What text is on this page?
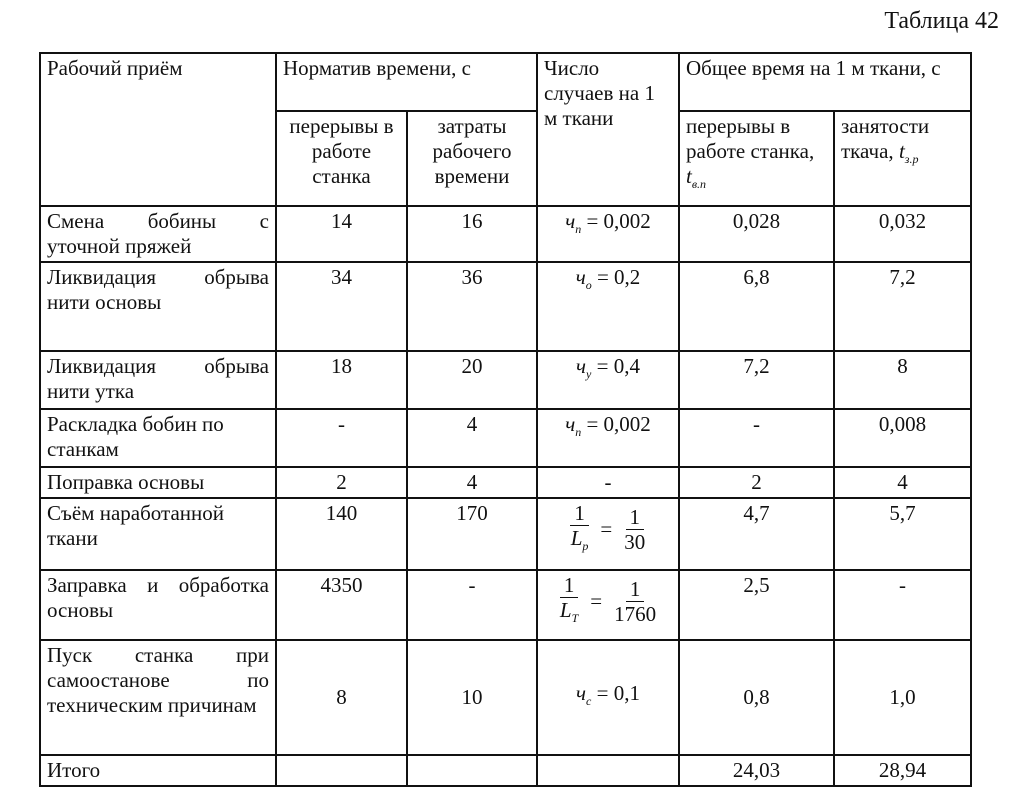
Таблица 42
Рабочий приём	Норматив времени, с		Число случаев на 1 м ткани	Общее время на 1 м ткани, с	
	перерывы в работе станка	затраты рабочего времени		перерывы в работе станка, $t_{в.п}$	занятости ткача, $t_{з.р}$
Смена бобины с уточной пряжей	14	16	$ч_п = 0,002$	0,028	0,032
Ликвидация обрыва нити основы	34	36	$ч_о = 0,2$	6,8	7,2
Ликвидация обрыва нити утка	18	20	$ч_у = 0,4$	7,2	8
Раскладка бобин по станкам	-	4	$ч_п = 0,002$	-	0,008
Поправка основы	2	4	-	2	4
Съём наработанной ткани	140	170	$\frac{1}{L_р} = \frac{1}{30}$	4,7	5,7
Заправка и обработка основы	4350	-	$\frac{1}{L_Т} = \frac{1}{1760}$	2,5	-
Пуск станка при самоостанове по техническим причинам	8	10	$ч_с = 0,1$	0,8	1,0
Итого				24,03	28,94
